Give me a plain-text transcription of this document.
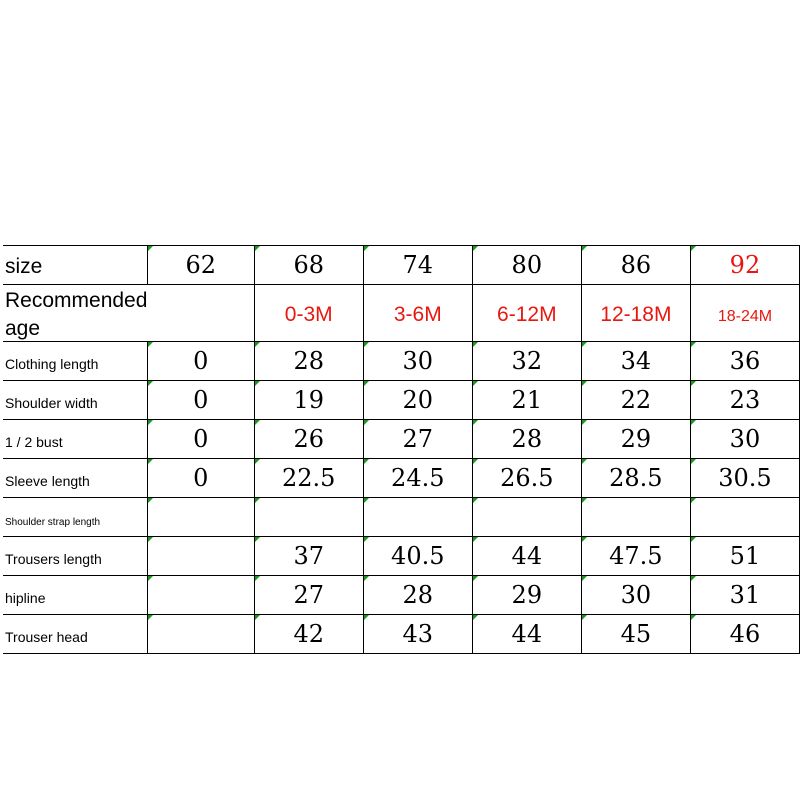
size	62	68	74	80	86	92
Recommended age		0-3M	3-6M	6-12M	12-18M	18-24M
Clothing length	0	28	30	32	34	36
Shoulder width	0	19	20	21	22	23
1 / 2 bust	0	26	27	28	29	30
Sleeve length	0	22.5	24.5	26.5	28.5	30.5
Shoulder strap length	

Trousers length		37	40.5	44	47.5	51
hipline		27	28	29	30	31
Trouser head		42	43	44	45	46
